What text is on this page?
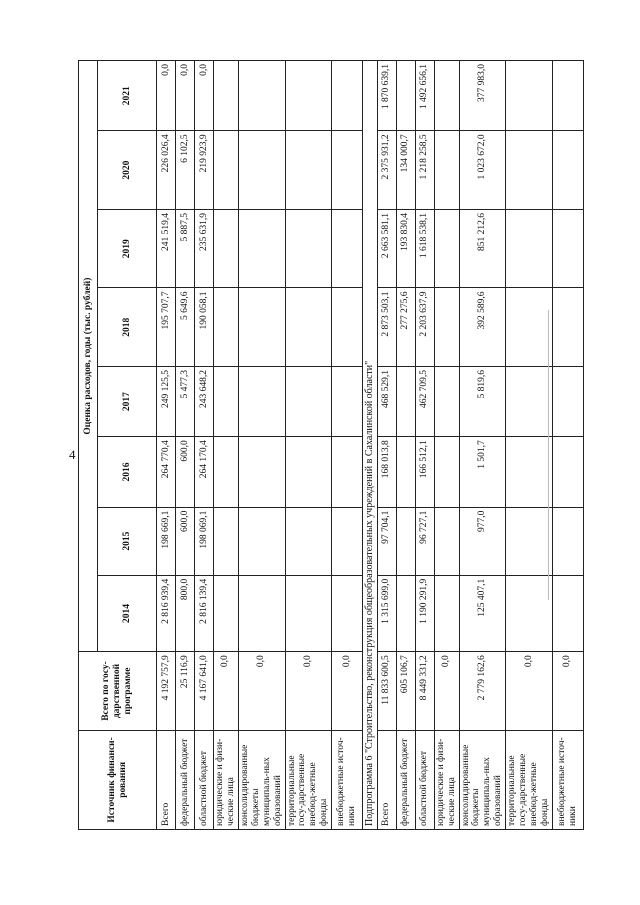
4
Источник финанси-рования	Всего по госу-дарственной программе	Оценка расходов, годы (тыс. рублей)							
		2014	2015	2016	2017	2018	2019	2020	2021
Всего	4 192 757,9	2 816 939,4	198 669,1	264 770,4	249 125,5	195 707,7	241 519,4	226 026,4	0,0
федеральный бюджет	25 116,9	800,0	600,0	600,0	5 477,3	5 649,6	5 887,5	6 102,5	0,0
областной бюджет	4 167 641,0	2 816 139,4	198 069,1	264 170,4	243 648,2	190 058,1	235 631,9	219 923,9	0,0
юридические и физи-ческие лица	0,0								
консолидированные бюджеты муниципаль-ных образований	0,0								
территориальные госу-дарственные внебюд-жетные фонды	0,0								
внебюджетные источ-ники	0,0								
Подпрограмма 6 "Строительство, реконструкция общеобразовательных учреждений в Сахалинской области"									
Всего	11 833 600,5	1 315 699,0	97 704,1	168 013,8	468 529,1	2 873 503,1	2 663 581,1	2 375 931,2	1 870 639,1
федеральный бюджет	605 106,7					277 275,6	193 830,4	134 000,7	
областной бюджет	8 449 331,2	1 190 291,9	96 727,1	166 512,1	462 709,5	2 203 637,9	1 618 538,1	1 218 258,5	1 492 656,1
юридические и физи-ческие лица	0,0								
консолидированные бюджеты муниципаль-ных образований	2 779 162,6	125 407,1	977,0	1 501,7	5 819,6	392 589,6	851 212,6	1 023 672,0	377 983,0
территориальные госу-дарственные внебюд-жетные фонды	0,0								
внебюджетные источ-ники	0,0								
